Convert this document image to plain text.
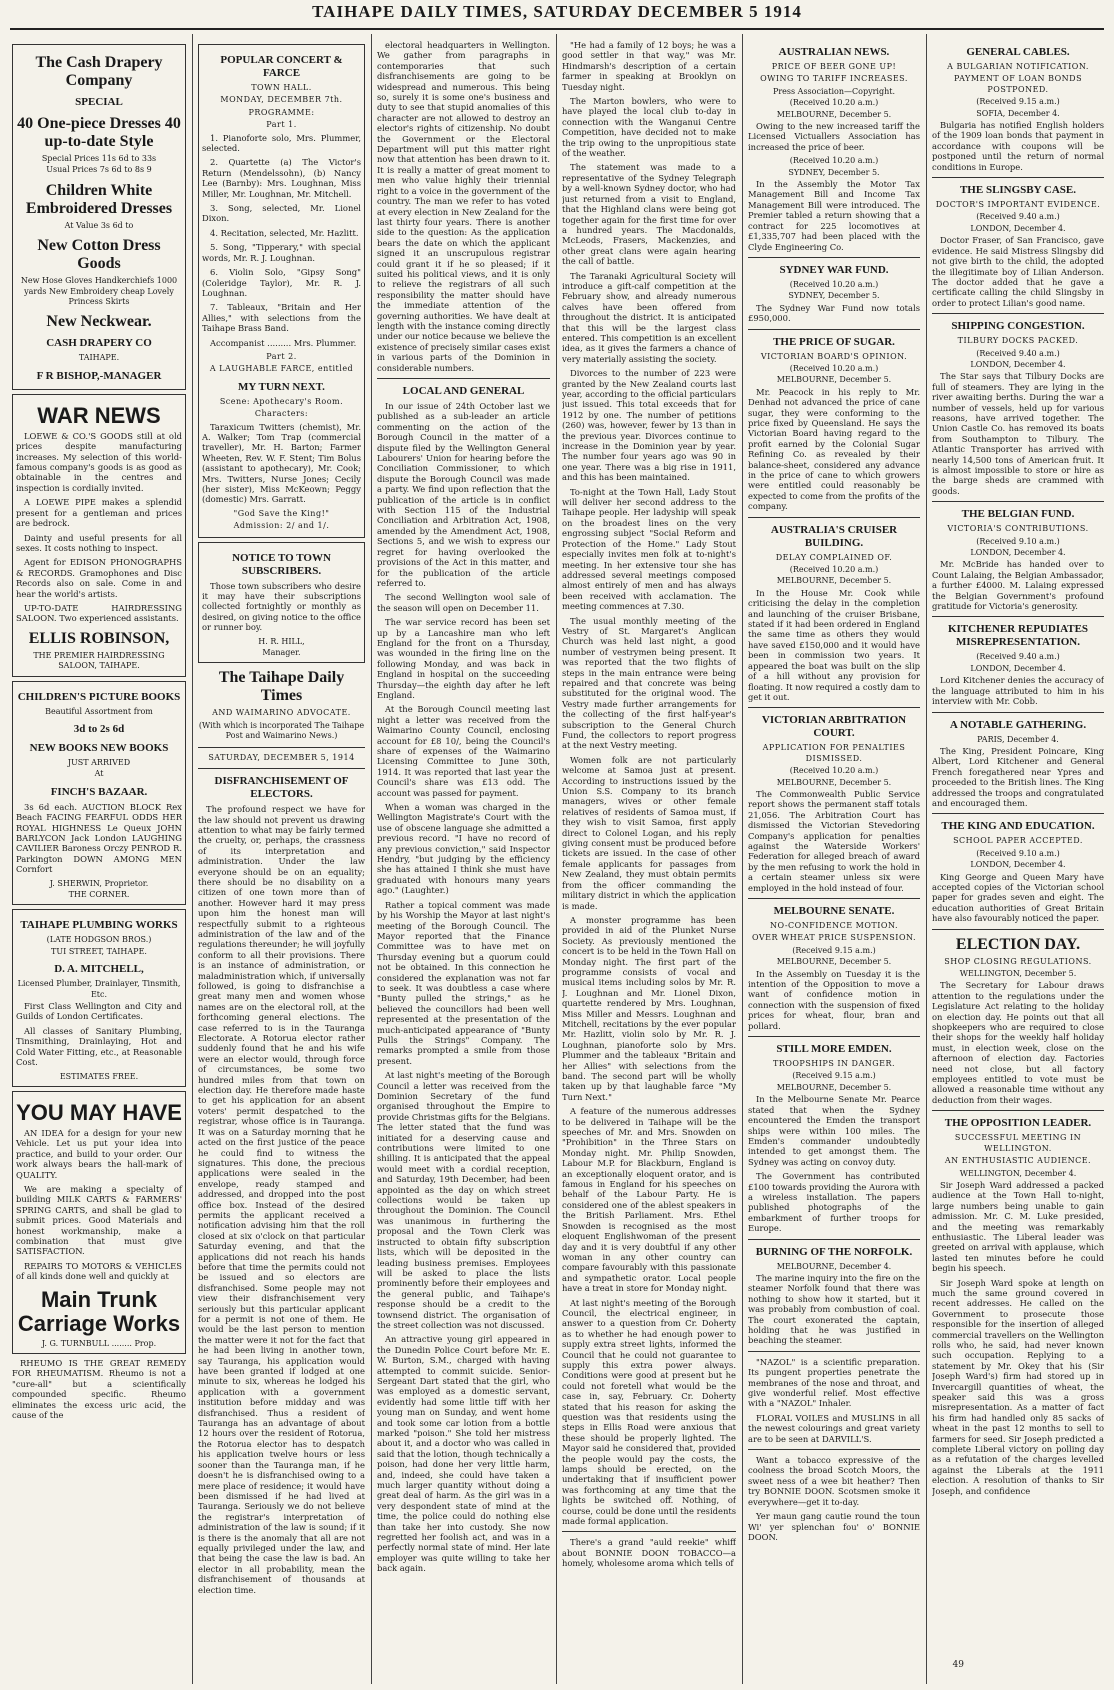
TAIHAPE DAILY TIMES, SATURDAY DECEMBER 5 1914
The Cash Drapery Company
SPECIAL
40 One-piece Dresses 40 up-to-date Style
Special Prices 11s 6d to 33s
Usual Prices 7s 6d to 8s 9
Children White Embroidered Dresses
At Value 3s 6d to
New Cotton Dress Goods
New Hose Gloves Handkerchiefs 1000 yards New Embroidery cheap Lovely Princess Skirts
New Neckwear.
CASH DRAPERY CO
TAIHAPE.
F R BISHOP,-MANAGER
WAR NEWS

LOEWE & CO.'S GOODS still at old prices despite manufacturing increases. My selection of this world-famous company's goods is as good as obtainable in the centres and inspection is cordially invited.

A LOEWE PIPE makes a splendid present for a gentleman and prices are bedrock.

Dainty and useful presents for all sexes. It costs nothing to inspect.

Agent for EDISON PHONOGRAPHS & RECORDS. Gramophones and Disc Records also on sale. Come in and hear the world's artists.

UP-TO-DATE HAIRDRESSING SALOON. Two experienced assistants.

ELLIS ROBINSON,
THE PREMIER HAIRDRESSING SALOON, TAIHAPE.
CHILDREN'S PICTURE BOOKS
Beautiful Assortment from
3d to 2s 6d
NEW BOOKS NEW BOOKS
JUST ARRIVED
At
FINCH'S BAZAAR.

3s 6d each. AUCTION BLOCK Rex Beach FACING FEARFUL ODDS HER ROYAL HIGHNESS Le Queux JOHN BARLYCON Jack London LAUGHING CAVILIER Baroness Orczy PENROD R. Parkington DOWN AMONG MEN Cornfort

J. SHERWIN, Proprietor.
THE CORNER.
TAIHAPE PLUMBING WORKS
(LATE HODGSON BROS.)
TUI STREET, TAIHAPE.
D. A. MITCHELL,
Licensed Plumber, Drainlayer, Tinsmith, Etc.

First Class Wellington and City and Guilds of London Certificates.

All classes of Sanitary Plumbing, Tinsmithing, Drainlaying, Hot and Cold Water Fitting, etc., at Reasonable Cost.

ESTIMATES FREE.
YOU MAY HAVE

AN IDEA for a design for your new Vehicle. Let us put your idea into practice, and build to your order. Our work always bears the hall-mark of QUALITY.

We are making a specialty of building MILK CARTS & FARMERS' SPRING CARTS, and shall be glad to submit prices. Good Materials and honest workmanship, make a combination that must give SATISFACTION.

REPAIRS TO MOTORS & VEHICLES of all kinds done well and quickly at

Main Trunk Carriage Works
J. G. TURNBULL ........ Prop.

RHEUMO IS THE GREAT REMEDY FOR RHEUMATISM. Rheumo is not a "cure-all" but a scientifically compounded specific. Rheumo eliminates the excess uric acid, the cause of the

POPULAR CONCERT & FARCE
TOWN HALL.
MONDAY, DECEMBER 7th.
PROGRAMME:
Part 1.

1. Pianoforte solo, Mrs. Plummer, selected.

2. Quartette (a) The Victor's Return (Mendelssohn), (b) Nancy Lee (Barnby): Mrs. Loughnan, Miss Miller, Mr. Loughnan, Mr. Mitchell.

3. Song, selected, Mr. Lionel Dixon.

4. Recitation, selected, Mr. Hazlitt.

5. Song, "Tipperary," with special words, Mr. R. J. Loughnan.

6. Violin Solo, "Gipsy Song" (Coleridge Taylor), Mr. R. J. Loughnan.

7. Tableaux, "Britain and Her Allies," with selections from the Taihape Brass Band.

Accompanist ......... Mrs. Plummer.

Part 2.
A LAUGHABLE FARCE, entitled
MY TURN NEXT.
Scene: Apothecary's Room.
Characters:

Taraxicum Twitters (chemist), Mr. A. Walker; Tom Trap (commercial traveller), Mr. H. Barton; Farmer Wheeten, Rev. W. F. Stent; Tim Bolus (assistant to apothecary), Mr. Cook; Mrs. Twitters, Nurse Jones; Cecily (her sister), Miss McKeown; Peggy (domestic) Mrs. Garratt.

"God Save the King!"
Admission: 2/ and 1/.
NOTICE TO TOWN SUBSCRIBERS.

Those town subscribers who desire it may have their subscriptions collected fortnightly or monthly as desired, on giving notice to the office or runner boy.

H. R. HILL,
Manager.
The Taihape Daily Times
AND WAIMARINO ADVOCATE.
(With which is incorporated The Taihape Post and Waimarino News.)
SATURDAY, DECEMBER 5, 1914
DISFRANCHISEMENT OF ELECTORS.

The profound respect we have for the law should not prevent us drawing attention to what may be fairly termed the cruelty, or, perhaps, the crassness of its interpretation and administration. Under the law everyone should be on an equality; there should be no disability on a citizen of one town more than of another. However hard it may press upon him the honest man will respectfully submit to a righteous administration of the law and of the regulations thereunder; he will joyfully conform to all their provisions. There is an instance of administration, or maladministration which, if universally followed, is going to disfranchise a great many men and women whose names are on the electoral roll, at the forthcoming general elections. The case referred to is in the Tauranga Electorate. A Rotorua elector rather suddenly found that he and his wife were an elector would, through force of circumstances, be some two hundred miles from that town on election day. He therefore made haste to get his application for an absent voters' permit despatched to the registrar, whose office is in Tauranga. It was on a Saturday morning that he acted on the first justice of the peace he could find to witness the signatures. This done, the precious applications were sealed in the envelope, ready stamped and addressed, and dropped into the post office box. Instead of the desired permits the applicant received a notification advising him that the roll closed at six o'clock on that particular Saturday evening, and that the applications did not reach his hands before that time the permits could not be issued and so electors are disfranchised. Some people may not view their disfranchisement very seriously but this particular applicant for a permit is not one of them. He would be the last person to mention the matter were it not for the fact that he had been living in another town, say Tauranga, his application would have been granted if lodged at one minute to six, whereas he lodged his application with a government institution before midday and was disfranchised. Thus a resident of Tauranga has an advantage of about 12 hours over the resident of Rotorua, the Rotorua elector has to despatch his application twelve hours or less sooner than the Tauranga man, if he doesn't he is disfranchised owing to a mere place of residence; it would have been dismissed if he had lived at Tauranga. Seriously we do not believe the registrar's interpretation of administration of the law is sound; if it is there is the anomaly that all are not equally privileged under the law, and that being the case the law is bad. An elector in all probability, mean the disfranchisement of thousands at election time.

electoral headquarters in Wellington. We gather from paragraphs in contemporaries that such disfranchisements are going to be widespread and numerous. This being so, surely it is some one's business and duty to see that stupid anomalies of this character are not allowed to destroy an elector's rights of citizenship. No doubt the Government or the Electoral Department will put this matter right now that attention has been drawn to it. It is really a matter of great moment to men who value highly their triennial right to a voice in the government of the country. The man we refer to has voted at every election in New Zealand for the last thirty four years. There is another side to the question: As the application bears the date on which the applicant signed it an unscrupulous registrar could grant it if he so pleased; if it suited his political views, and it is only to relieve the registrars of all such responsibility the matter should have the immediate attention of the governing authorities. We have dealt at length with the instance coming directly under our notice because we believe the existence of precisely similar cases exist in various parts of the Dominion in considerable numbers.

LOCAL AND GENERAL

In our issue of 24th October last we published as a sub-leader an article commenting on the action of the Borough Council in the matter of a dispute filed by the Wellington General Labourers' Union for hearing before the Conciliation Commissioner, to which dispute the Borough Council was made a party. We find upon reflection that the publication of the article is in conflict with Section 115 of the Industrial Conciliation and Arbitration Act, 1908, amended by the Amendment Act, 1908, Sections 5, and we wish to express our regret for having overlooked the provisions of the Act in this matter, and for the publication of the article referred to.

The second Wellington wool sale of the season will open on December 11.

The war service record has been set up by a Lancashire man who left England for the front on a Thursday, was wounded in the firing line on the following Monday, and was back in England in hospital on the succeeding Thursday—the eighth day after he left England.

At the Borough Council meeting last night a letter was received from the Waimarino County Council, enclosing account for £8 10/, being the Council's share of expenses of the Waimarino Licensing Committee to June 30th, 1914. It was reported that last year the Council's share was £13 odd. The account was passed for payment.

When a woman was charged in the Wellington Magistrate's Court with the use of obscene language she admitted a previous record. "I have no record of any previous conviction," said Inspector Hendry, "but judging by the efficiency she has attained I think she must have graduated with honours many years ago." (Laughter.)

Rather a topical comment was made by his Worship the Mayor at last night's meeting of the Borough Council. The Mayor reported that the Finance Committee was to have met on Thursday evening but a quorum could not be obtained. In this connection he considered the explanation was not far to seek. It was doubtless a case where "Bunty pulled the strings," as he believed the councillors had been well represented at the presentation of the much-anticipated appearance of "Bunty Pulls the Strings" Company. The remarks prompted a smile from those present.

At last night's meeting of the Borough Council a letter was received from the Dominion Secretary of the fund organised throughout the Empire to provide Christmas gifts for the Belgians. The letter stated that the fund was initiated for a deserving cause and contributions were limited to one shilling. It is anticipated that the appeal would meet with a cordial reception, and Saturday, 19th December, had been appointed as the day on which street collections would be taken up throughout the Dominion. The Council was unanimous in furthering the proposal and the Town Clerk was instructed to obtain fifty subscription lists, which will be deposited in the leading business premises. Employees will be asked to place the lists prominently before their employees and the general public, and Taihape's response should be a credit to the townsend district. The organisation of the street collection was not discussed.

An attractive young girl appeared in the Dunedin Police Court before Mr. E. W. Burton, S.M., charged with having attempted to commit suicide. Senior-Sergeant Dart stated that the girl, who was employed as a domestic servant, evidently had some little tiff with her young man on Sunday, and went home and took some car lotion from a bottle marked "poison." She told her mistress about it, and a doctor who was called in said that the lotion, though technically a poison, had done her very little harm, and, indeed, she could have taken a much larger quantity without doing a great deal of harm. As the girl was in a very despondent state of mind at the time, the police could do nothing else than take her into custody. She now regretted her foolish act, and was in a perfectly normal state of mind. Her late employer was quite willing to take her back again.

"He had a family of 12 boys; he was a good settler in that way," was Mr. Hindmarsh's description of a certain farmer in speaking at Brooklyn on Tuesday night.

The Marton bowlers, who were to have played the local club to-day in connection with the Wanganui Centre Competition, have decided not to make the trip owing to the unpropitious state of the weather.

The statement was made to a representative of the Sydney Telegraph by a well-known Sydney doctor, who had just returned from a visit to England, that the Highland clans were being got together again for the first time for over a hundred years. The Macdonalds, McLeods, Frasers, Mackenzies, and other great clans were again hearing the call of battle.

The Taranaki Agricultural Society will introduce a gift-calf competition at the February show, and already numerous calves have been offered from throughout the district. It is anticipated that this will be the largest class entered. This competition is an excellent idea, as it gives the farmers a chance of very materially assisting the society.

Divorces to the number of 223 were granted by the New Zealand courts last year, according to the official particulars just issued. This total exceeds that for 1912 by one. The number of petitions (260) was, however, fewer by 13 than in the previous year. Divorces continue to increase in the Dominion year by year. The number four years ago was 90 in one year. There was a big rise in 1911, and this has been maintained.

To-night at the Town Hall, Lady Stout will deliver her second address to the Taihape people. Her ladyship will speak on the broadest lines on the very engrossing subject "Social Reform and Protection of the Home." Lady Stout especially invites men folk at to-night's meeting. In her extensive tour she has addressed several meetings composed almost entirely of men and has always been received with acclamation. The meeting commences at 7.30.

The usual monthly meeting of the Vestry of St. Margaret's Anglican Church was held last night, a good number of vestrymen being present. It was reported that the two flights of steps in the main entrance were being repaired and that concrete was being substituted for the original wood. The Vestry made further arrangements for the collecting of the first half-year's subscription to the General Church Fund, the collectors to report progress at the next Vestry meeting.

Women folk are not particularly welcome at Samoa just at present. According to instructions issued by the Union S.S. Company to its branch managers, wives or other female relatives of residents of Samoa must, if they wish to visit Samoa, first apply direct to Colonel Logan, and his reply giving consent must be produced before tickets are issued. In the case of other female applicants for passages from New Zealand, they must obtain permits from the officer commanding the military district in which the application is made.

A monster programme has been provided in aid of the Plunket Nurse Society. As previously mentioned the concert is to be held in the Town Hall on Monday night. The first part of the programme consists of vocal and musical items including solos by Mr. R. J. Loughnan and Mr. Lionel Dixon, quartette rendered by Mrs. Loughnan, Miss Miller and Messrs. Loughnan and Mitchell, recitations by the ever popular Mr. Hazlitt, violin solo by Mr. R. J. Loughnan, pianoforte solo by Mrs. Plummer and the tableaux "Britain and her Allies" with selections from the band. The second part will be wholly taken up by that laughable farce "My Turn Next."

A feature of the numerous addresses to be delivered in Taihape will be the speeches of Mr. and Mrs. Snowden on "Prohibition" in the Three Stars on Monday night. Mr. Philip Snowden, Labour M.P. for Blackburn, England is an exceptionally eloquent orator, and is famous in England for his speeches on behalf of the Labour Party. He is considered one of the ablest speakers in the British Parliament. Mrs. Ethel Snowden is recognised as the most eloquent Englishwoman of the present day and it is very doubtful if any other woman in any other country can compare favourably with this passionate and sympathetic orator. Local people have a treat in store for Monday night.

At last night's meeting of the Borough Council, the electrical engineer, in answer to a question from Cr. Doherty as to whether he had enough power to supply extra street lights, informed the Council that he could not guarantee to supply this extra power always. Conditions were good at present but he could not foretell what would be the case in, say, February. Cr. Doherty stated that his reason for asking the question was that residents using the steps in Ellis Road were anxious that these should be properly lighted. The Mayor said he considered that, provided the people would pay the costs, the lamps should be erected, on the undertaking that if insufficient power was forthcoming at any time that the lights be switched off. Nothing, of course, could be done until the residents made formal application.

There's a grand "auld reekie" whiff about BONNIE DOON TOBACCO—a homely, wholesome aroma which tells of

AUSTRALIAN NEWS.
PRICE OF BEER GONE UP!
OWING TO TARIFF INCREASES.
Press Association—Copyright.
(Received 10.20 a.m.)
MELBOURNE, December 5.

Owing to the new increased tariff the Licensed Victuallers Association has increased the price of beer.

(Received 10.20 a.m.)
SYDNEY, December 5.

In the Assembly the Motor Tax Management Bill and Income Tax Management Bill were introduced. The Premier tabled a return showing that a contract for 225 locomotives at £1,335,707 had been placed with the Clyde Engineering Co.

SYDNEY WAR FUND.
(Received 10.20 a.m.)
SYDNEY, December 5.

The Sydney War Fund now totals £950,000.

THE PRICE OF SUGAR.
VICTORIAN BOARD'S OPINION.
(Received 10.20 a.m.)
MELBOURNE, December 5.

Mr. Peacock in his reply to Mr. Denhad not advanced the price of cane sugar, they were conforming to the price fixed by Queensland. He says the Victorian Board having regard to the profit earned by the Colonial Sugar Refining Co. as revealed by their balance-sheet, considered any advance in the price of cane to which growers were entitled could reasonably be expected to come from the profits of the company.

AUSTRALIA'S CRUISER BUILDING.
DELAY COMPLAINED OF.
(Received 10.20 a.m.)
MELBOURNE, December 5.

In the House Mr. Cook while criticising the delay in the completion and launching of the cruiser Brisbane, stated if it had been ordered in England the same time as others they would have saved £150,000 and it would have been in commission two years. It appeared the boat was built on the slip of a hill without any provision for floating. It now required a costly dam to get it out.

VICTORIAN ARBITRATION COURT.
APPLICATION FOR PENALTIES DISMISSED.
(Received 10.20 a.m.)
MELBOURNE, December 5.

The Commonwealth Public Service report shows the permanent staff totals 21,056. The Arbitration Court has dismissed the Victorian Stevedoring Company's application for penalties against the Waterside Workers' Federation for alleged breach of award by the men refusing to work the hold in a certain steamer unless six were employed in the hold instead of four.

MELBOURNE SENATE.
NO-CONFIDENCE MOTION.
OVER WHEAT PRICE SUSPENSION.
(Received 9.15 a.m.)
MELBOURNE, December 5.

In the Assembly on Tuesday it is the intention of the Opposition to move a want of confidence motion in connection with the suspension of fixed prices for wheat, flour, bran and pollard.

STILL MORE EMDEN.
TROOPSHIPS IN DANGER.
(Received 9.15 a.m.)
MELBOURNE, December 5.

In the Melbourne Senate Mr. Pearce stated that when the Sydney encountered the Emden the transport ships were within 100 miles. The Emden's commander undoubtedly intended to get amongst them. The Sydney was acting on convoy duty.

The Government has contributed £100 towards providing the Aurora with a wireless installation. The papers published photographs of the embarkment of further troops for Europe.

BURNING OF THE NORFOLK.
MELBOURNE, December 4.

The marine inquiry into the fire on the steamer Norfolk found that there was nothing to show how it started, but it was probably from combustion of coal. The court exonerated the captain, holding that he was justified in beaching the steamer.

"NAZOL" is a scientific preparation. Its pungent properties penetrate the membranes of the nose and throat, and give wonderful relief. Most effective with a "NAZOL" Inhaler.

FLORAL VOILES and MUSLINS in all the newest colourings and great variety are to be seen at DARVILL'S.

Want a tobacco expressive of the coolness the broad Scotch Moors, the sweet ness of a wee bit heather? Then try BONNIE DOON. Scotsmen smoke it everywhere—get it to-day.

Yer maun gang cautie round the toun Wi' yer splenchan fou' o' BONNIE DOON.

GENERAL CABLES.
A BULGARIAN NOTIFICATION.
PAYMENT OF LOAN BONDS POSTPONED.
(Received 9.15 a.m.)
SOFIA, December 4.

Bulgaria has notified English holders of the 1909 loan bonds that payment in accordance with coupons will be postponed until the return of normal conditions in Europe.

THE SLINGSBY CASE.
DOCTOR'S IMPORTANT EVIDENCE.
(Received 9.40 a.m.)
LONDON, December 4.

Doctor Fraser, of San Francisco, gave evidence. He said Mistress Slingsby did not give birth to the child, the adopted the illegitimate boy of Lilian Anderson. The doctor added that he gave a certificate calling the child Slingsby in order to protect Lilian's good name.

SHIPPING CONGESTION.
TILBURY DOCKS PACKED.
(Received 9.40 a.m.)
LONDON, December 4.

The Star says that Tilbury Docks are full of steamers. They are lying in the river awaiting berths. During the war a number of vessels, held up for various reasons, have arrived together. The Union Castle Co. has removed its boats from Southampton to Tilbury. The Atlantic Transporter has arrived with nearly 14,500 tons of American fruit. It is almost impossible to store or hire as the barge sheds are crammed with goods.

THE BELGIAN FUND.
VICTORIA'S CONTRIBUTIONS.
(Received 9.10 a.m.)
LONDON, December 4.

Mr. McBride has handed over to Count Lalaing, the Belgian Ambassador, a further £4000. M. Lalaing expressed the Belgian Government's profound gratitude for Victoria's generosity.

KITCHENER REPUDIATES MISREPRESENTATION.
(Received 9.40 a.m.)
LONDON, December 4.

Lord Kitchener denies the accuracy of the language attributed to him in his interview with Mr. Cobb.

A NOTABLE GATHERING.
PARIS, December 4.

The King, President Poincare, King Albert, Lord Kitchener and General French foregathered near Ypres and proceeded to the British lines. The King addressed the troops and congratulated and encouraged them.

THE KING AND EDUCATION.
SCHOOL PAPER ACCEPTED.
(Received 9.10 a.m.)
LONDON, December 4.

King George and Queen Mary have accepted copies of the Victorian school paper for grades seven and eight. The education authorities of Great Britain have also favourably noticed the paper.

ELECTION DAY.
SHOP CLOSING REGULATIONS.
WELLINGTON, December 5.

The Secretary for Labour draws attention to the regulations under the Legislature Act relating to the holiday on election day. He points out that all shopkeepers who are required to close their shops for the weekly half holiday must, in election week, close on the afternoon of election day. Factories need not close, but all factory employees entitled to vote must be allowed a reasonable time without any deduction from their wages.

THE OPPOSITION LEADER.
SUCCESSFUL MEETING IN WELLINGTON.
AN ENTHUSIASTIC AUDIENCE.
WELLINGTON, December 4.

Sir Joseph Ward addressed a packed audience at the Town Hall to-night, large numbers being unable to gain admission. Mr. C. M. Luke presided, and the meeting was remarkably enthusiastic. The Liberal leader was greeted on arrival with applause, which lasted ten minutes before he could begin his speech.

Sir Joseph Ward spoke at length on much the same ground covered in recent addresses. He called on the Government to prosecute those responsible for the insertion of alleged commercial travellers on the Wellington rolls who, he said, had never known such occupation. Replying to a statement by Mr. Okey that his (Sir Joseph Ward's) firm had stored up in Invercargill quantities of wheat, the speaker said this was a gross misrepresentation. As a matter of fact his firm had handled only 85 sacks of wheat in the past 12 months to sell to farmers for seed. Sir Joseph predicted a complete Liberal victory on polling day as a refutation of the charges levelled against the Liberals at the 1911 election. A resolution of thanks to Sir Joseph, and confidence

49
